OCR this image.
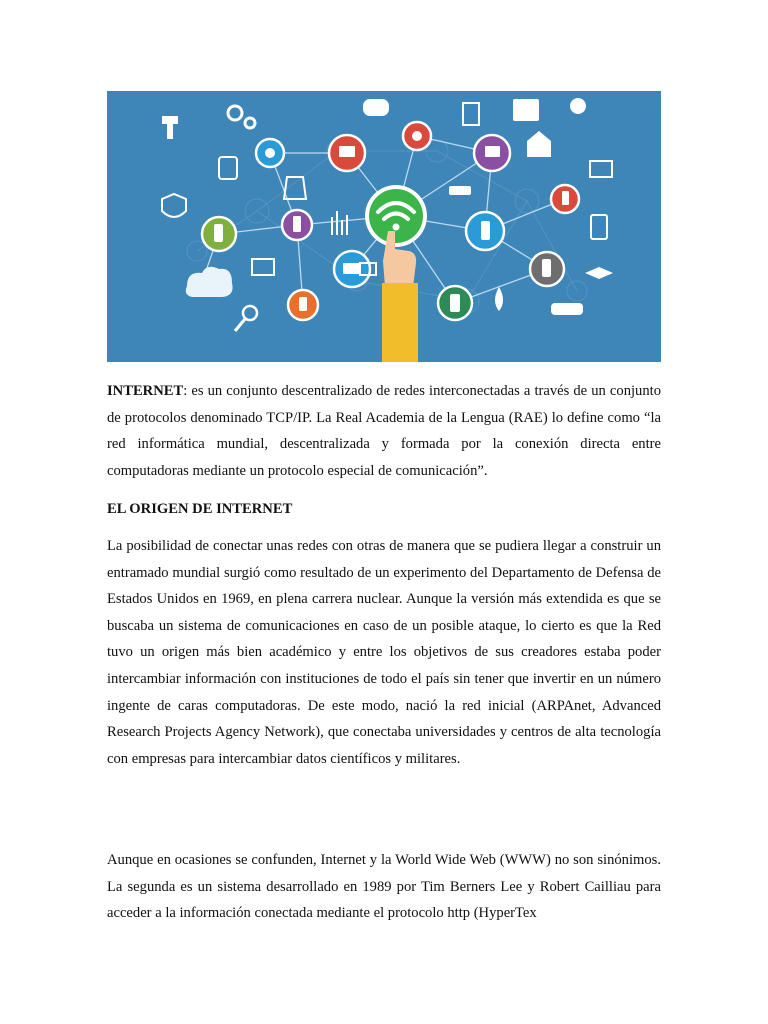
INTERNET: es un conjunto descentralizado de redes interconectadas a través de un conjunto de protocolos denominado TCP/IP. La Real Academia de la Lengua (RAE) lo define como “la red informática mundial, descentralizada y formada por la conexión directa entre computadoras mediante un protocolo especial de comunicación”.

EL ORIGEN DE INTERNET

La posibilidad de conectar unas redes con otras de manera que se pudiera llegar a construir un entramado mundial surgió como resultado de un experimento del Departamento de Defensa de Estados Unidos en 1969, en plena carrera nuclear. Aunque la versión más extendida es que se buscaba un sistema de comunicaciones en caso de un posible ataque, lo cierto es que la Red tuvo un origen más bien académico y entre los objetivos de sus creadores estaba poder intercambiar información con instituciones de todo el país sin tener que invertir en un número ingente de caras computadoras. De este modo, nació la red inicial (ARPAnet, Advanced Research Projects Agency Network), que conectaba universidades y centros de alta tecnología con empresas para intercambiar datos científicos y militares.

Aunque en ocasiones se confunden, Internet y la World Wide Web (WWW) no son sinónimos. La segunda es un sistema desarrollado en 1989 por Tim Berners Lee y Robert Cailliau para acceder a la información conectada mediante el protocolo http (HyperTex
